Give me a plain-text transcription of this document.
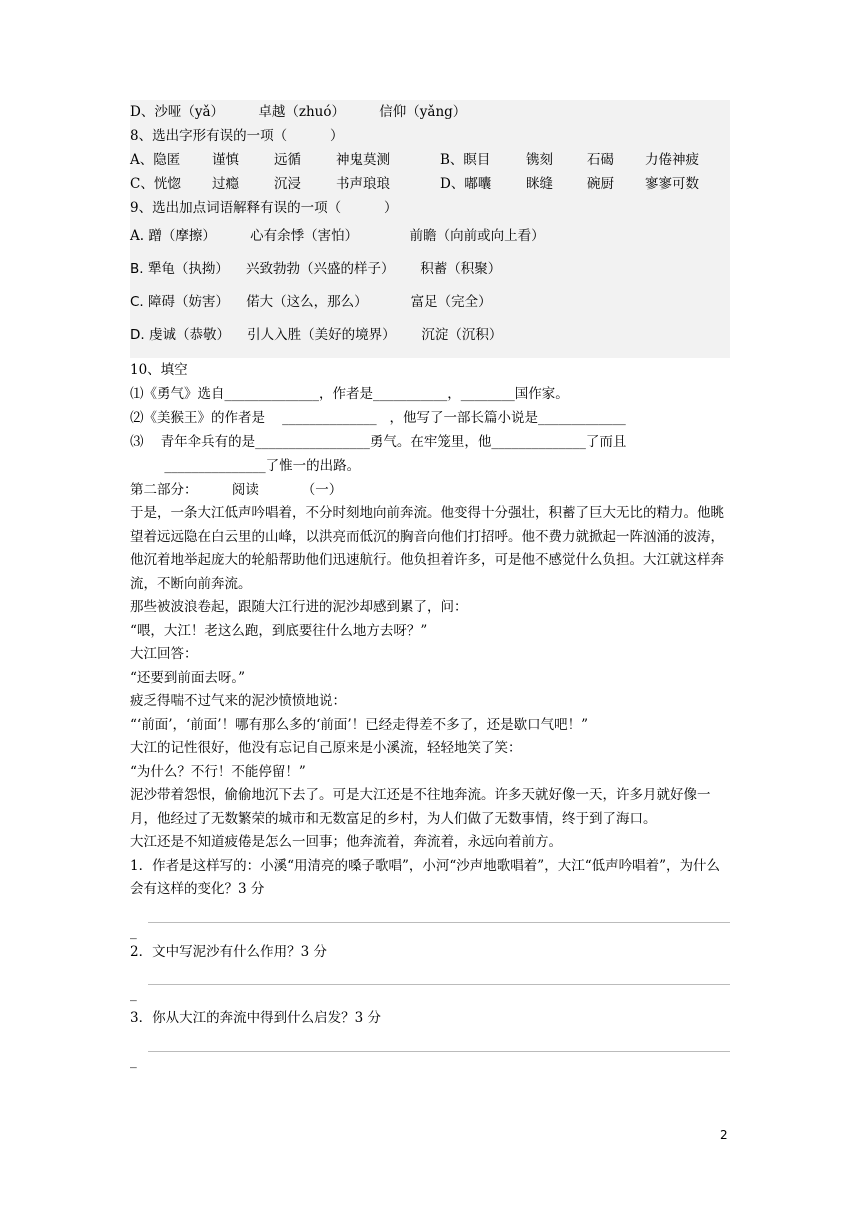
D、沙哑（yǎ）        卓越（zhuó）        信仰（yǎng）
8、选出字形有误的一项（          ）
A、隐匿	谨慎	远循	神鬼莫测	B、瞑目	镌刻	石碣	力倦神疲
C、恍惚	过瘾	沉浸	书声琅琅	D、嘟囔	眯缝	碗厨	寥寥可数
9、选出加点词语解释有误的一项（          ）
A. 蹭（摩擦）        心有余悸（害怕）            前瞻（向前或向上看）
B. 犟龟（执拗）    兴致勃勃（兴盛的样子）      积蓄（积聚）
C. 障碍（妨害）    偌大（这么，那么）          富足（完全）
D. 虔诚（恭敬）    引人入胜（美好的境界）      沉淀（沉积）
10、填空
⑴《勇气》选自______________，作者是___________，________国作家。
⑵《美猴王》的作者是    ______________   ，他写了一部长篇小说是_____________
⑶    青年伞兵有的是_________________勇气。在牢笼里，他______________了而且
_______________了惟一的出路。
第二部分：        阅读          （一）
于是，一条大江低声吟唱着，不分时刻地向前奔流。他变得十分强壮，积蓄了巨大无比的精力。他眺望着远远隐在白云里的山峰，以洪亮而低沉的胸音向他们打招呼。他不费力就掀起一阵汹涌的波涛，他沉着地举起庞大的轮船帮助他们迅速航行。他负担着许多，可是他不感觉什么负担。大江就这样奔流，不断向前奔流。
那些被波浪卷起，跟随大江行进的泥沙却感到累了，问：
“喂，大江！老这么跑，到底要往什么地方去呀？”
大江回答：
“还要到前面去呀。”
疲乏得喘不过气来的泥沙愤愤地说：
“‘前面’，‘前面’！哪有那么多的‘前面’！已经走得差不多了，还是歇口气吧！”
大江的记性很好，他没有忘记自己原来是小溪流，轻轻地笑了笑：
“为什么？不行！不能停留！”
泥沙带着怨恨，偷偷地沉下去了。可是大江还是不往地奔流。许多天就好像一天，许多月就好像一月，他经过了无数繁荣的城市和无数富足的乡村，为人们做了无数事情，终于到了海口。
大江还是不知道疲倦是怎么一回事；他奔流着，奔流着，永远向着前方。
1．作者是这样写的：小溪“用清亮的嗓子歌唱”，小河“沙声地歌唱着”，大江“低声吟唱着”，为什么会有这样的变化？3 分
_
2．文中写泥沙有什么作用？3 分
_
3．你从大江的奔流中得到什么启发？3 分
_
2
